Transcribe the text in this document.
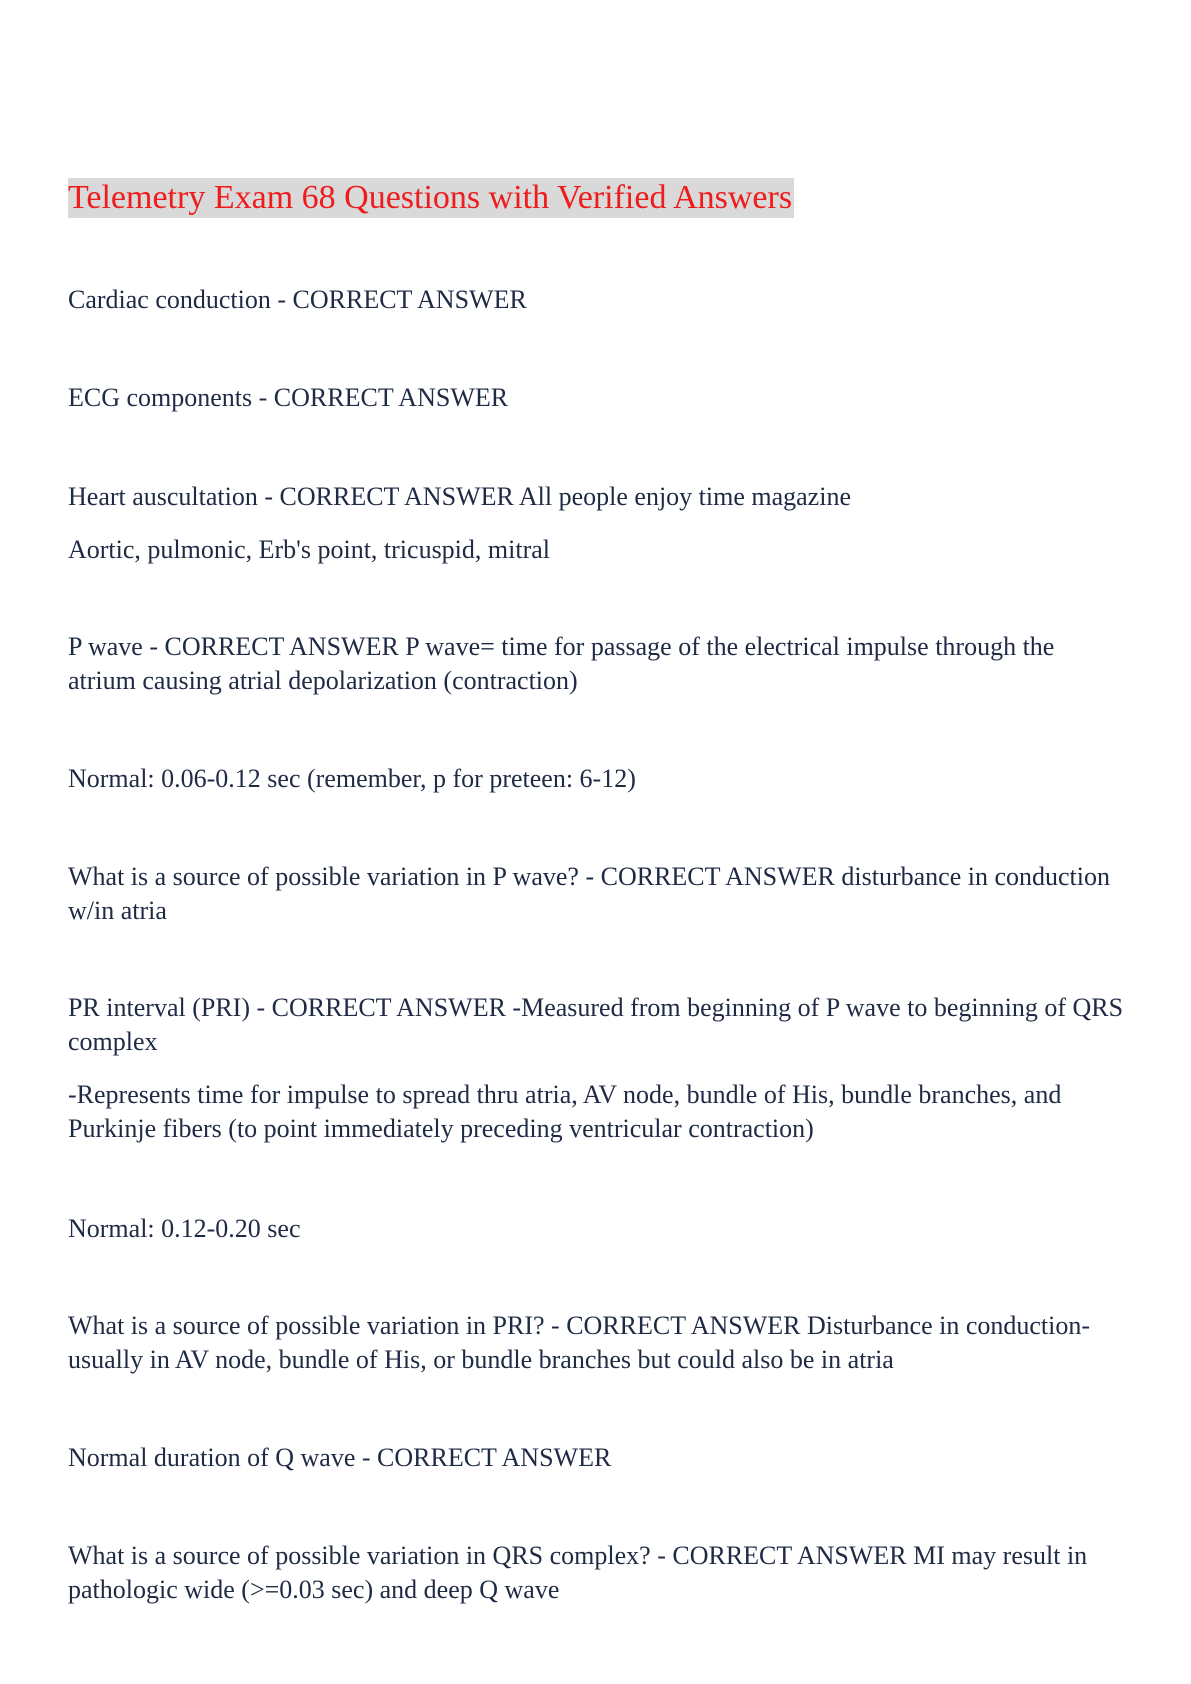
Telemetry Exam 68 Questions with Verified Answers

Cardiac conduction - CORRECT ANSWER

ECG components - CORRECT ANSWER

Heart auscultation - CORRECT ANSWER All people enjoy time magazine

Aortic, pulmonic, Erb's point, tricuspid, mitral

P wave - CORRECT ANSWER P wave= time for passage of the electrical impulse through the atrium causing atrial depolarization (contraction)

Normal: 0.06-0.12 sec (remember, p for preteen: 6-12)

What is a source of possible variation in P wave? - CORRECT ANSWER disturbance in conduction w/in atria

PR interval (PRI) - CORRECT ANSWER -Measured from beginning of P wave to beginning of QRS complex

-Represents time for impulse to spread thru atria, AV node, bundle of His, bundle branches, and Purkinje fibers (to point immediately preceding ventricular contraction)

Normal: 0.12-0.20 sec

What is a source of possible variation in PRI? - CORRECT ANSWER Disturbance in conduction- usually in AV node, bundle of His, or bundle branches but could also be in atria

Normal duration of Q wave - CORRECT ANSWER

What is a source of possible variation in QRS complex? - CORRECT ANSWER MI may result in pathologic wide (>=0.03 sec) and deep Q wave
